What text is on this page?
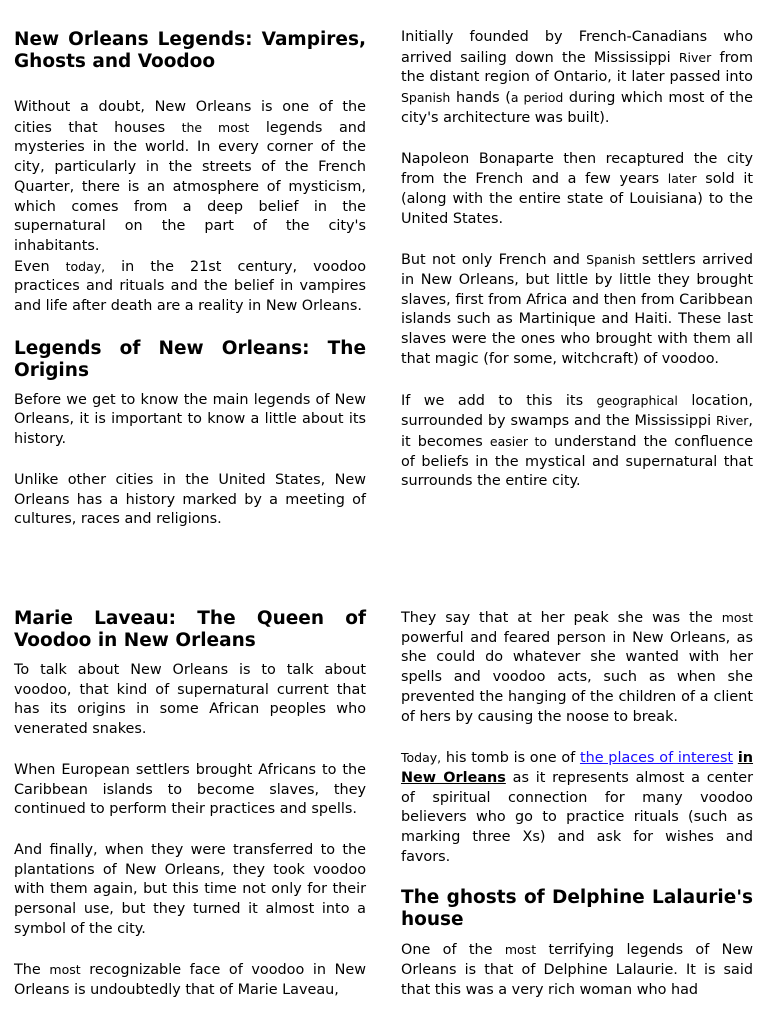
New Orleans Legends: Vampires, Ghosts and Voodoo

Without a doubt, New Orleans is one of the cities that houses the most legends and mysteries in the world. In every corner of the city, particularly in the streets of the French Quarter, there is an atmosphere of mysticism, which comes from a deep belief in the supernatural on the part of the city's inhabitants.

Even today, in the 21st century, voodoo practices and rituals and the belief in vampires and life after death are a reality in New Orleans.

Legends of New Orleans: The Origins

Before we get to know the main legends of New Orleans, it is important to know a little about its history.

Unlike other cities in the United States, New Orleans has a history marked by a meeting of cultures, races and religions.

Initially founded by French-Canadians who arrived sailing down the Mississippi River from the distant region of Ontario, it later passed into Spanish hands (a period during which most of the city's architecture was built).

Napoleon Bonaparte then recaptured the city from the French and a few years later sold it (along with the entire state of Louisiana) to the United States.

But not only French and Spanish settlers arrived in New Orleans, but little by little they brought slaves, first from Africa and then from Caribbean islands such as Martinique and Haiti. These last slaves were the ones who brought with them all that magic (for some, witchcraft) of voodoo.

If we add to this its geographical location, surrounded by swamps and the Mississippi River, it becomes easier to understand the confluence of beliefs in the mystical and supernatural that surrounds the entire city.

Marie Laveau: The Queen of Voodoo in New Orleans

To talk about New Orleans is to talk about voodoo, that kind of supernatural current that has its origins in some African peoples who venerated snakes.

When European settlers brought Africans to the Caribbean islands to become slaves, they continued to perform their practices and spells.

And finally, when they were transferred to the plantations of New Orleans, they took voodoo with them again, but this time not only for their personal use, but they turned it almost into a symbol of the city.

The most recognizable face of voodoo in New Orleans is undoubtedly that of Marie Laveau,

They say that at her peak she was the most powerful and feared person in New Orleans, as she could do whatever she wanted with her spells and voodoo acts, such as when she prevented the hanging of the children of a client of hers by causing the noose to break.

Today, his tomb is one of the places of interest in New Orleans as it represents almost a center of spiritual connection for many voodoo believers who go to practice rituals (such as marking three Xs) and ask for wishes and favors.

The ghosts of Delphine Lalaurie's house

One of the most terrifying legends of New Orleans is that of Delphine Lalaurie. It is said that this was a very rich woman who had
